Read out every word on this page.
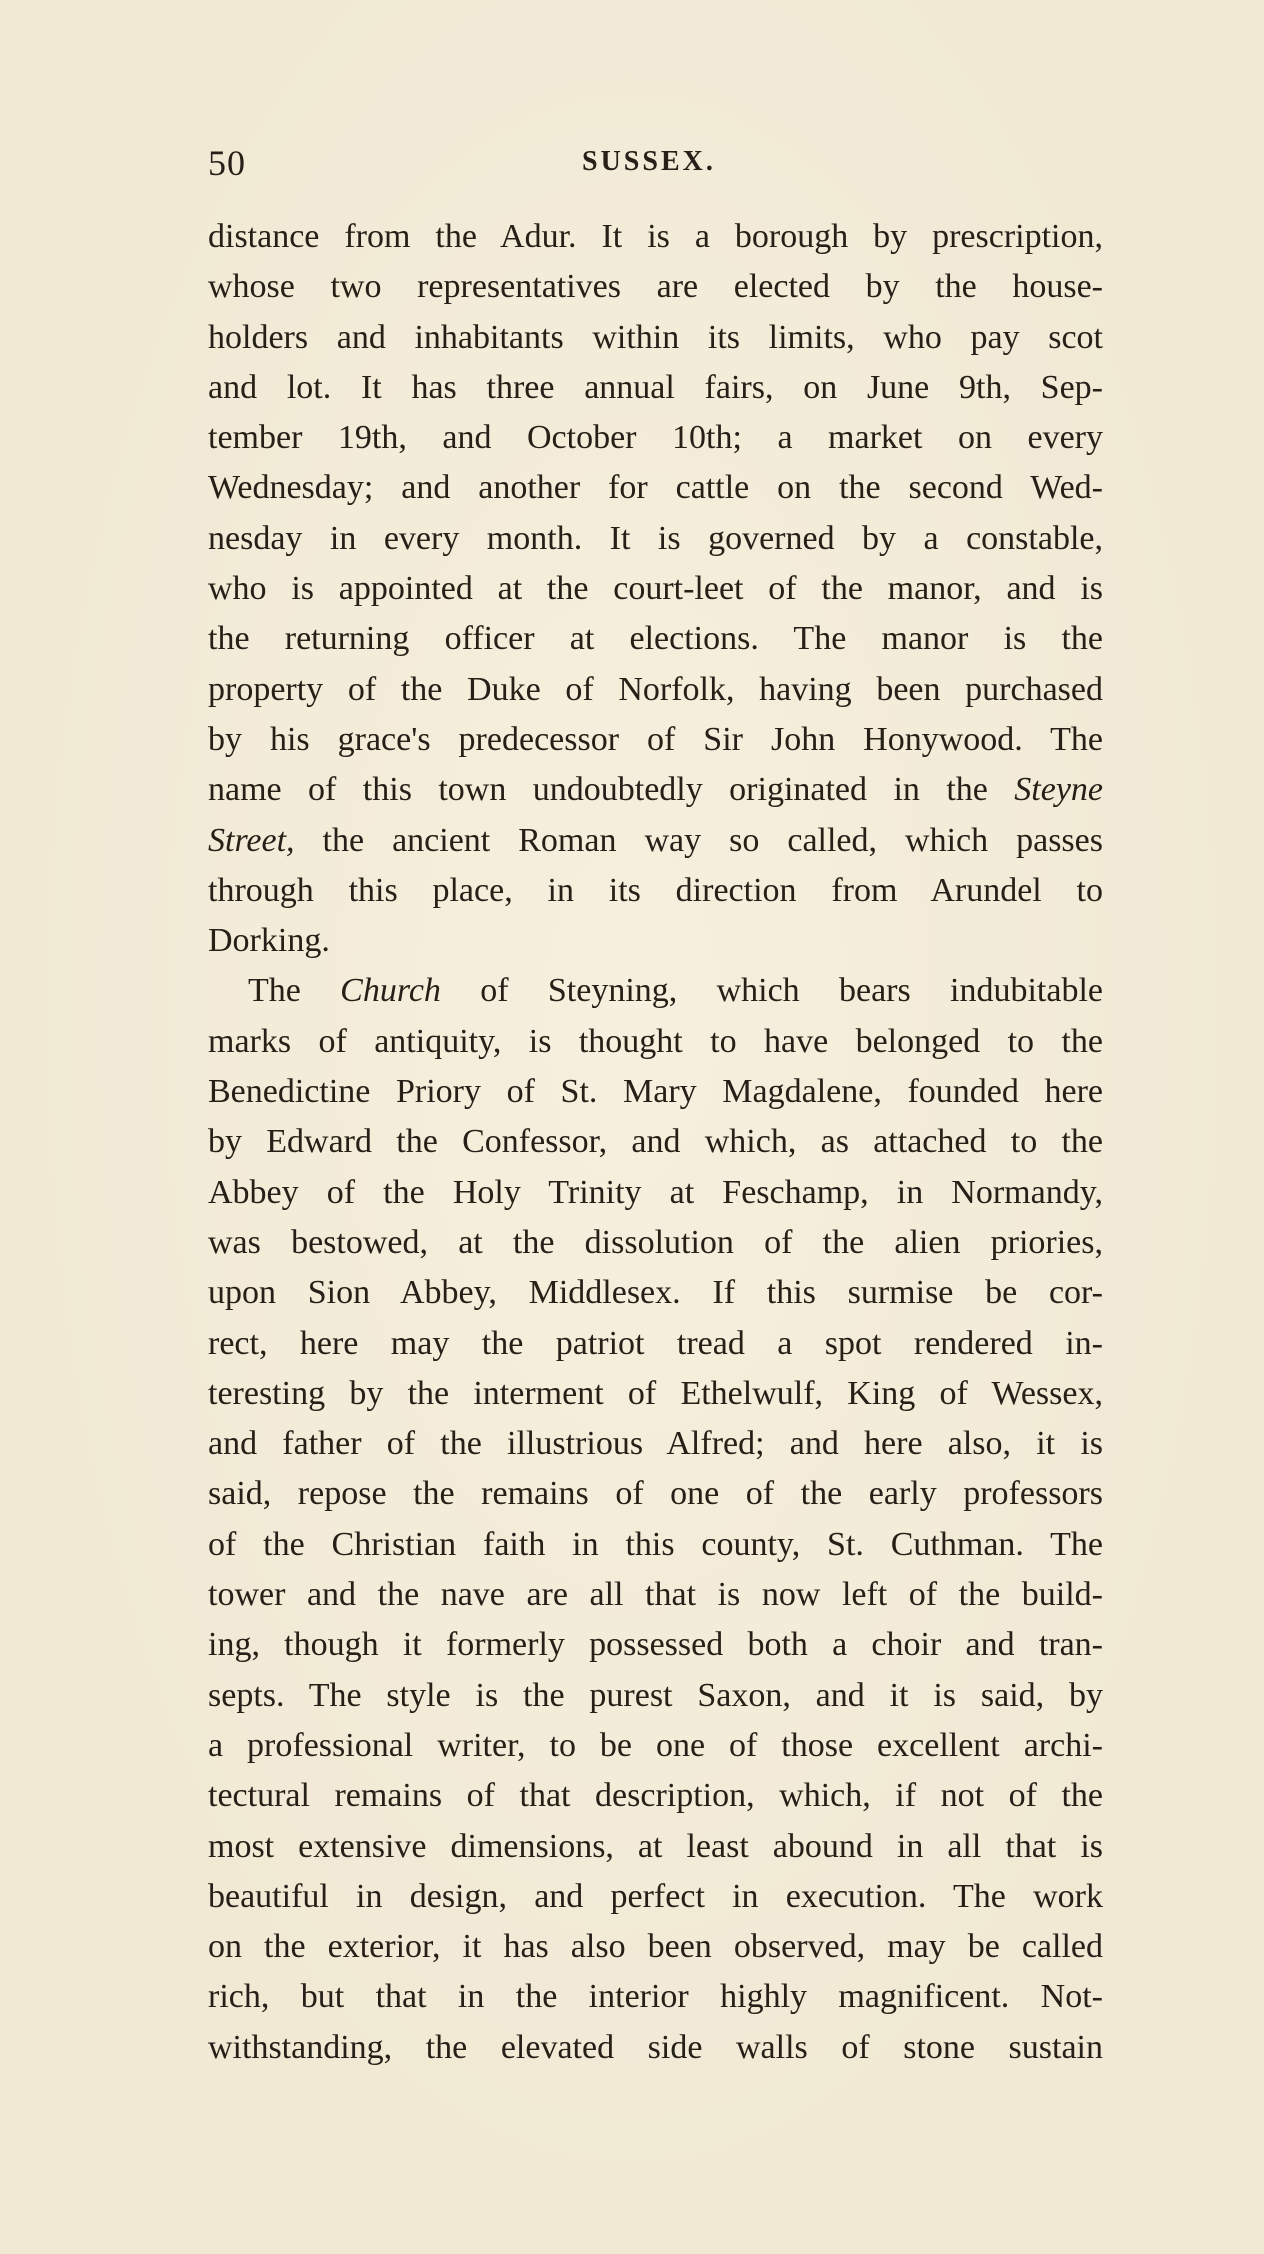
50	SUSSEX.
distance from the Adur. It is a borough by prescription,
whose two representatives are elected by the house-
holders and inhabitants within its limits, who pay scot
and lot. It has three annual fairs, on June 9th, Sep-
tember 19th, and October 10th; a market on every
Wednesday; and another for cattle on the second Wed-
nesday in every month. It is governed by a constable,
who is appointed at the court-leet of the manor, and is
the returning officer at elections. The manor is the
property of the Duke of Norfolk, having been purchased
by his grace's predecessor of Sir John Honywood. The
name of this town undoubtedly originated in the Steyne
Street, the ancient Roman way so called, which passes
through this place, in its direction from Arundel to
Dorking.
The Church of Steyning, which bears indubitable
marks of antiquity, is thought to have belonged to the
Benedictine Priory of St. Mary Magdalene, founded here
by Edward the Confessor, and which, as attached to the
Abbey of the Holy Trinity at Feschamp, in Normandy,
was bestowed, at the dissolution of the alien priories,
upon Sion Abbey, Middlesex. If this surmise be cor-
rect, here may the patriot tread a spot rendered in-
teresting by the interment of Ethelwulf, King of Wessex,
and father of the illustrious Alfred; and here also, it is
said, repose the remains of one of the early professors
of the Christian faith in this county, St. Cuthman. The
tower and the nave are all that is now left of the build-
ing, though it formerly possessed both a choir and tran-
septs. The style is the purest Saxon, and it is said, by
a professional writer, to be one of those excellent archi-
tectural remains of that description, which, if not of the
most extensive dimensions, at least abound in all that is
beautiful in design, and perfect in execution. The work
on the exterior, it has also been observed, may be called
rich, but that in the interior highly magnificent. Not-
withstanding, the elevated side walls of stone sustain
